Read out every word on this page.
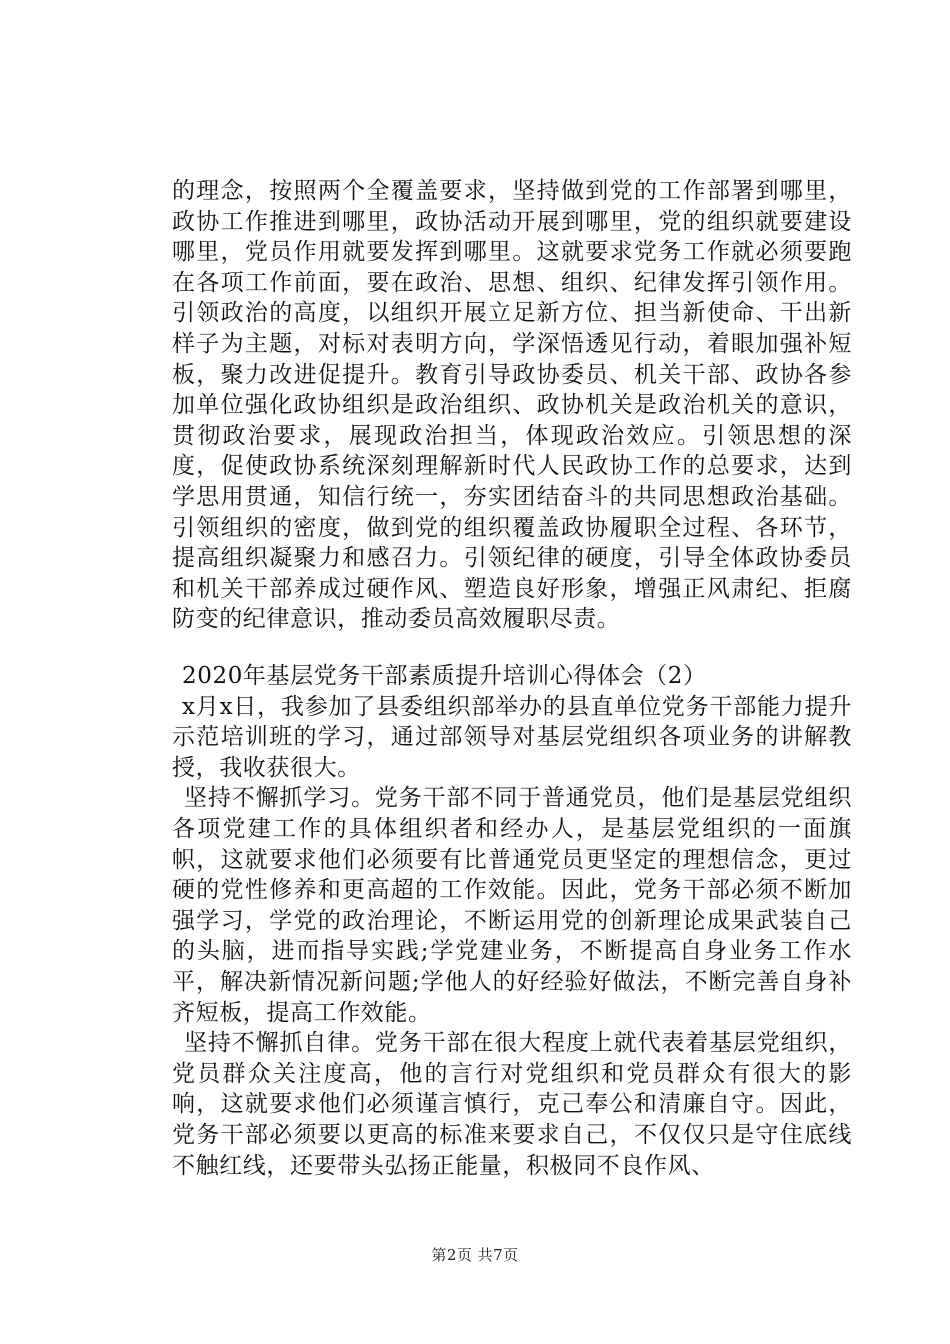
的理念，按照两个全覆盖要求，坚持做到党的工作部署到哪里，政协工作推进到哪里，政协活动开展到哪里，党的组织就要建设哪里，党员作用就要发挥到哪里。这就要求党务工作就必须要跑在各项工作前面，要在政治、思想、组织、纪律发挥引领作用。引领政治的高度，以组织开展立足新方位、担当新使命、干出新样子为主题，对标对表明方向，学深悟透见行动，着眼加强补短板，聚力改进促提升。教育引导政协委员、机关干部、政协各参加单位强化政协组织是政治组织、政协机关是政治机关的意识，贯彻政治要求，展现政治担当，体现政治效应。引领思想的深度，促使政协系统深刻理解新时代人民政协工作的总要求，达到学思用贯通，知信行统一，夯实团结奋斗的共同思想政治基础。引领组织的密度，做到党的组织覆盖政协履职全过程、各环节，提高组织凝聚力和感召力。引领纪律的硬度，引导全体政协委员和机关干部养成过硬作风、塑造良好形象，增强正风肃纪、拒腐防变的纪律意识，推动委员高效履职尽责。

2020年基层党务干部素质提升培训心得体会（2）

x月x日，我参加了县委组织部举办的县直单位党务干部能力提升示范培训班的学习，通过部领导对基层党组织各项业务的讲解教授，我收获很大。

坚持不懈抓学习。党务干部不同于普通党员，他们是基层党组织各项党建工作的具体组织者和经办人，是基层党组织的一面旗帜，这就要求他们必须要有比普通党员更坚定的理想信念，更过硬的党性修养和更高超的工作效能。因此，党务干部必须不断加强学习，学党的政治理论，不断运用党的创新理论成果武装自己的头脑，进而指导实践;学党建业务，不断提高自身业务工作水平，解决新情况新问题;学他人的好经验好做法，不断完善自身补齐短板，提高工作效能。

坚持不懈抓自律。党务干部在很大程度上就代表着基层党组织，党员群众关注度高，他的言行对党组织和党员群众有很大的影响，这就要求他们必须谨言慎行，克己奉公和清廉自守。因此，党务干部必须要以更高的标准来要求自己，不仅仅只是守住底线不触红线，还要带头弘扬正能量，积极同不良作风、

第2页 共7页
